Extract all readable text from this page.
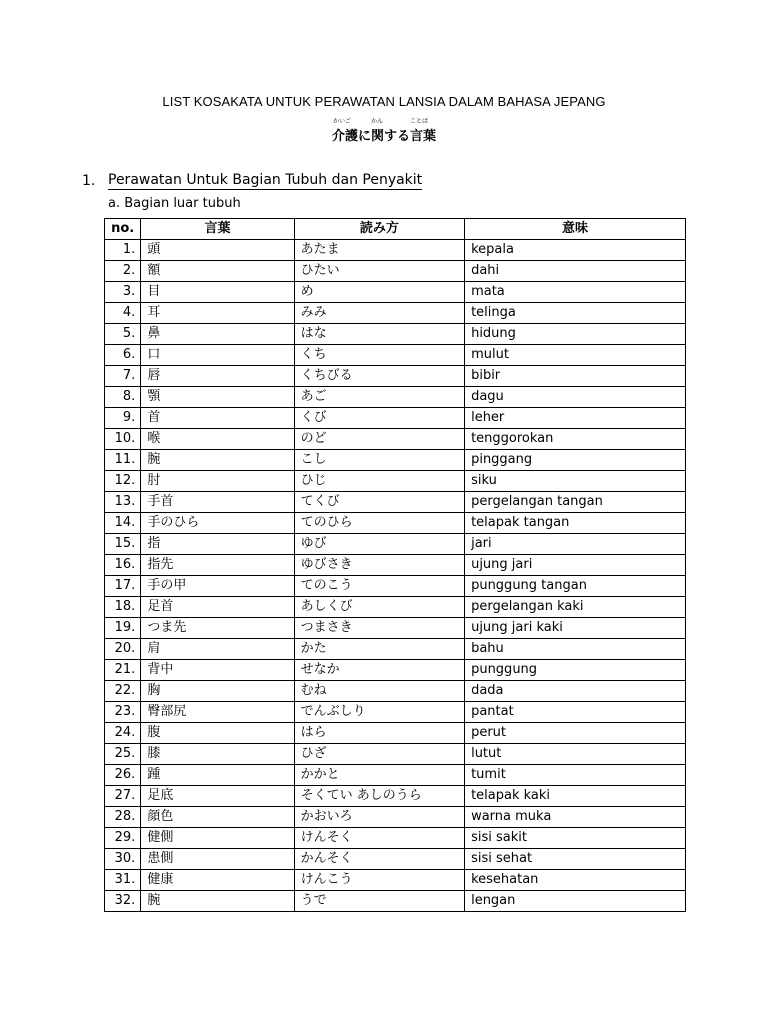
LIST KOSAKATA UNTUK PERAWATAN LANSIA DALAM BAHASA JEPANG
かいご	かん	ことば
介護に関する言葉
1. Perawatan Untuk Bagian Tubuh dan Penyakit
a. Bagian luar tubuh
no.	言葉	読み方	意味
1.	頭	あたま	kepala
2.	額	ひたい	dahi
3.	目	め	mata
4.	耳	みみ	telinga
5.	鼻	はな	hidung
6.	口	くち	mulut
7.	唇	くちびる	bibir
8.	顎	あご	dagu
9.	首	くび	leher
10.	喉	のど	tenggorokan
11.	腕	こし	pinggang
12.	肘	ひじ	siku
13.	手首	てくび	pergelangan tangan
14.	手のひら	てのひら	telapak tangan
15.	指	ゆび	jari
16.	指先	ゆびさき	ujung jari
17.	手の甲	てのこう	punggung tangan
18.	足首	あしくび	pergelangan kaki
19.	つま先	つまさき	ujung jari kaki
20.	肩	かた	bahu
21.	背中	せなか	punggung
22.	胸	むね	dada
23.	臀部尻	でんぶしり	pantat
24.	腹	はら	perut
25.	膝	ひざ	lutut
26.	踵	かかと	tumit
27.	足底	そくてい あしのうら	telapak kaki
28.	顔色	かおいろ	warna muka
29.	健側	けんそく	sisi sakit
30.	患側	かんそく	sisi sehat
31.	健康	けんこう	kesehatan
32.	腕	うで	lengan
